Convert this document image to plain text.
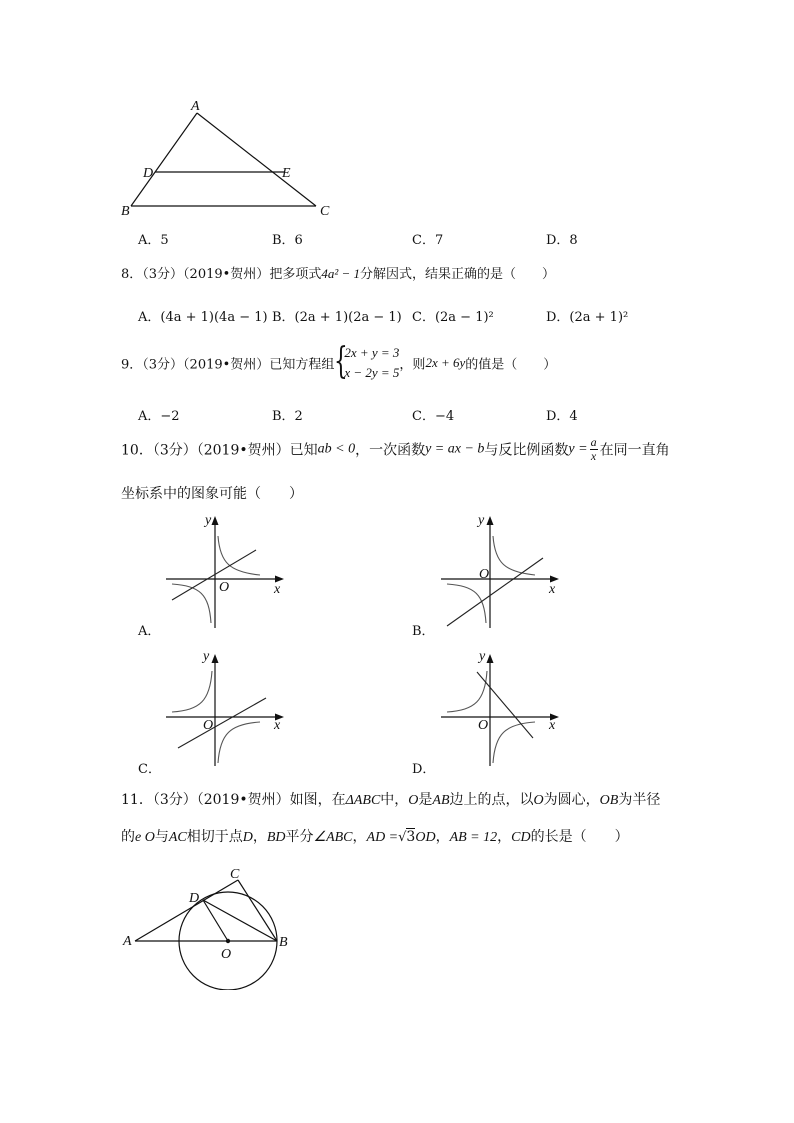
A
D	E
B	C
A．5	B．6	C．7	D．8
8．（3分）（2019•贺州）把多项式4a² − 1分解因式，结果正确的是（　　）
A．(4a + 1)(4a − 1) B．(2a + 1)(2a − 1) C．(2a − 1)²	D．(2a + 1)²
9．（3分）（2019•贺州）已知方程组 {
2x + y = 3
x − 2y = 5 ，则2x + 6y的值是（　　）
A．−2	B．2	C．−4	D．4
10．（3分）（2019•贺州）已知ab < 0，一次函数y = ax − b与反比例函数$y = \frac{a}{x}$ 在同一直角
坐标系中的图象可能（　　）
y
x
O
A．
y
x
O
B．
y
x
O
C．
y
x
O
D．
11．（3分）（2019•贺州）如图，在ΔABC中，O是AB边上的点，以O为圆心，OB为半径
的e O与AC相切于点D，BD平分∠ABC，AD =√3OD，AB = 12，CD的长是（　　）
A	B
C
D
O
